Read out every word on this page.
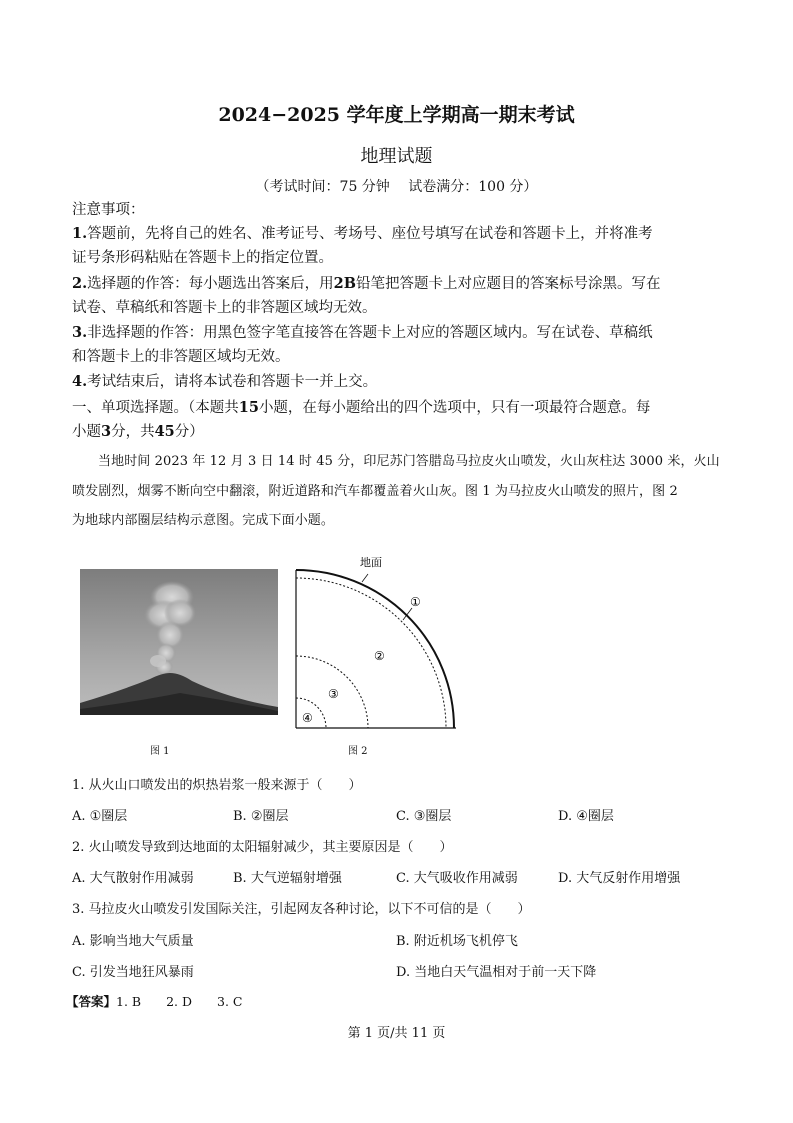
2024−2025 学年度上学期高一期末考试
地理试题
（考试时间：75 分钟　 试卷满分：100 分）
注意事项：
1.答题前，先将自己的姓名、准考证号、考场号、座位号填写在试卷和答题卡上，并将准考
证号条形码粘贴在答题卡上的指定位置。
2.选择题的作答：每小题选出答案后，用2B铅笔把答题卡上对应题目的答案标号涂黑。写在
试卷、草稿纸和答题卡上的非答题区域均无效。
3.非选择题的作答：用黑色签字笔直接答在答题卡上对应的答题区域内。写在试卷、草稿纸
和答题卡上的非答题区域均无效。
4.考试结束后，请将本试卷和答题卡一并上交。
一、单项选择题。（本题共15小题，在每小题给出的四个选项中，只有一项最符合题意。每
小题3分，共45分）
当地时间 2023 年 12 月 3 日 14 时 45 分，印尼苏门答腊岛马拉皮火山喷发，火山灰柱达 3000 米，火山
喷发剧烈，烟雾不断向空中翻滚，附近道路和汽车都覆盖着火山灰。图 1 为马拉皮火山喷发的照片，图 2
为地球内部圈层结构示意图。完成下面小题。
图 1
地面
①
②
③
④
图 2
1. 从火山口喷发出的炽热岩浆一般来源于（　　）
A. ①圈层	B. ②圈层	C. ③圈层	D. ④圈层
2. 火山喷发导致到达地面的太阳辐射减少，其主要原因是（　　）
A. 大气散射作用减弱	B. 大气逆辐射增强	C. 大气吸收作用减弱	D. 大气反射作用增强
3. 马拉皮火山喷发引发国际关注，引起网友各种讨论，以下不可信的是（　　）
A. 影响当地大气质量	B. 附近机场飞机停飞
C. 引发当地狂风暴雨	D. 当地白天气温相对于前一天下降
【答案】1. B　　2. D　　3. C
第 1 页/共 11 页
